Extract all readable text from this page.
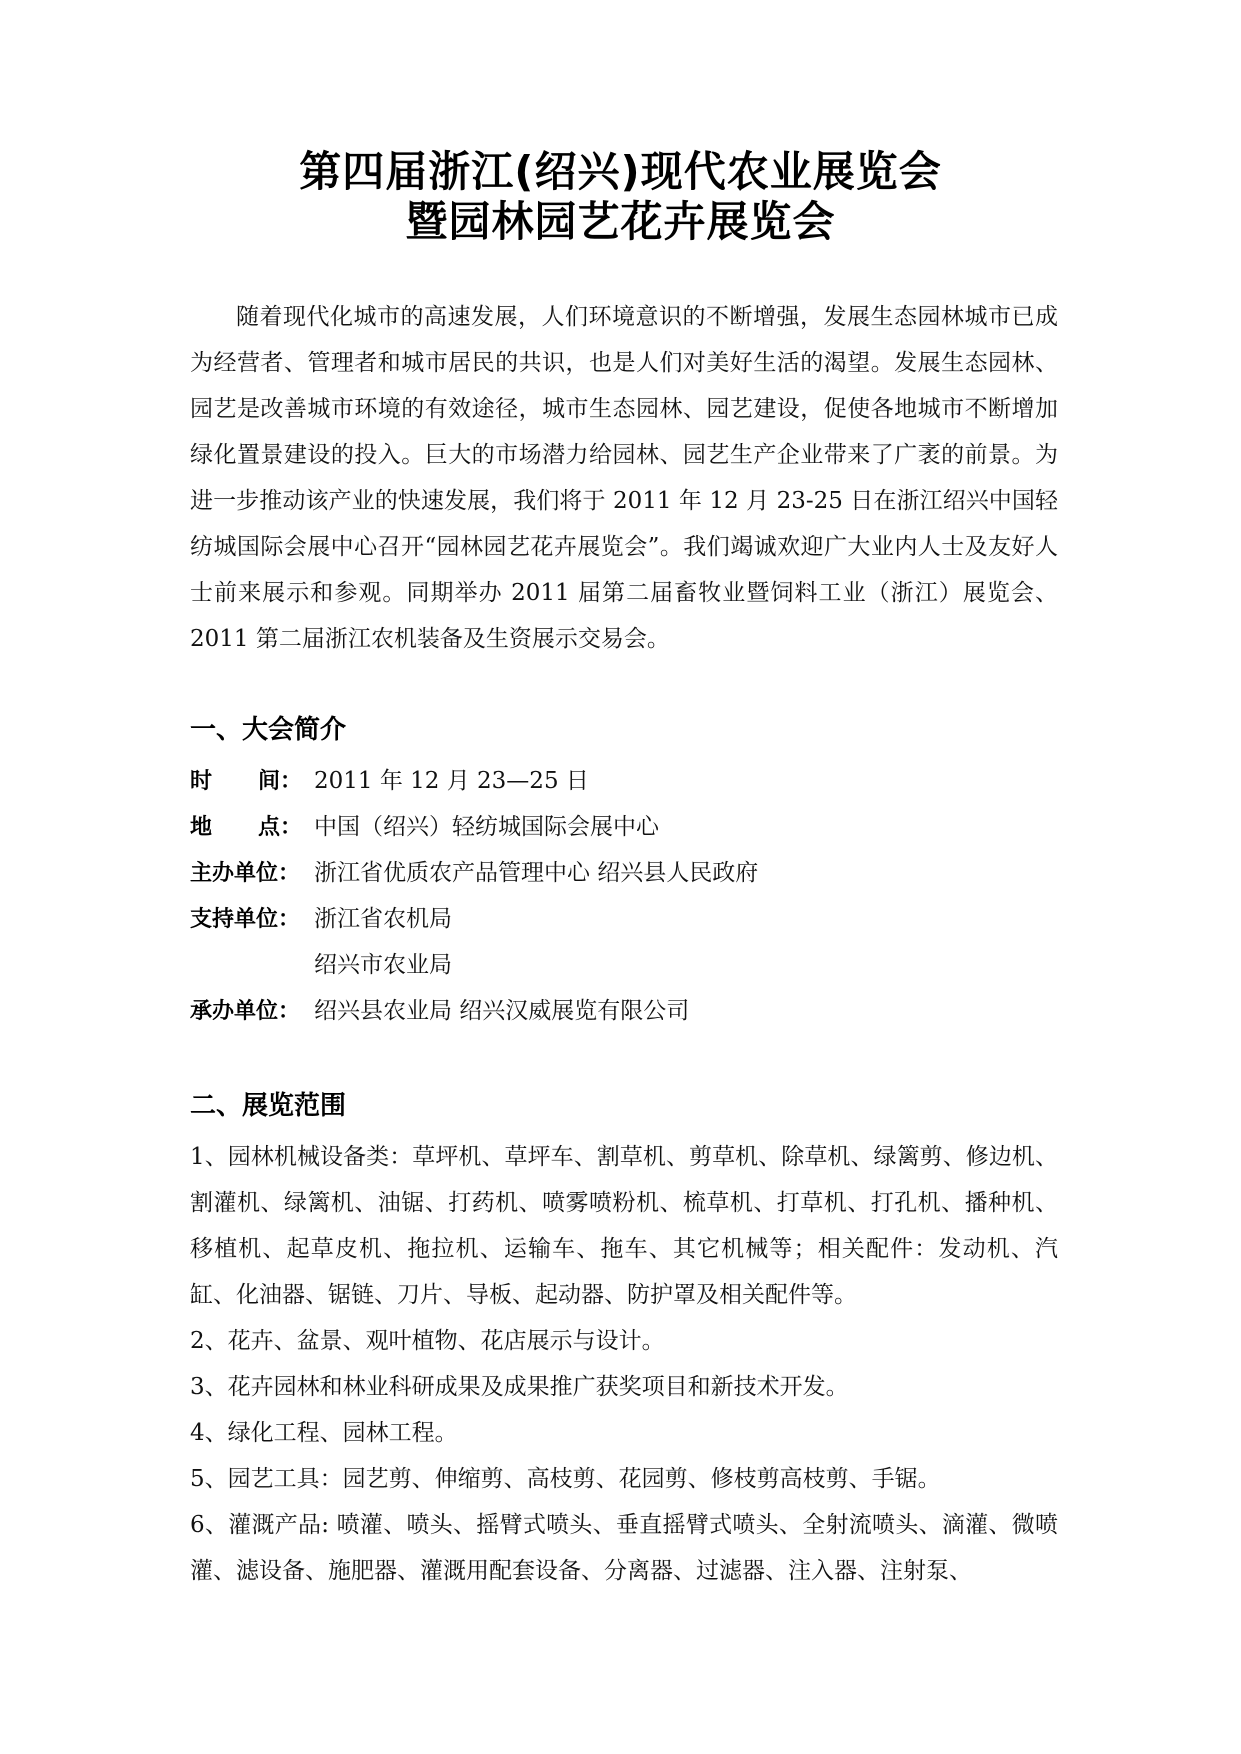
第四届浙江(绍兴)现代农业展览会
暨园林园艺花卉展览会

随着现代化城市的高速发展，人们环境意识的不断增强，发展生态园林城市已成为经营者、管理者和城市居民的共识，也是人们对美好生活的渴望。发展生态园林、园艺是改善城市环境的有效途径，城市生态园林、园艺建设，促使各地城市不断增加绿化置景建设的投入。巨大的市场潜力给园林、园艺生产企业带来了广袤的前景。为进一步推动该产业的快速发展，我们将于 2011 年 12 月 23-25 日在浙江绍兴中国轻纺城国际会展中心召开“园林园艺花卉展览会”。我们竭诚欢迎广大业内人士及友好人士前来展示和参观。同期举办 2011 届第二届畜牧业暨饲料工业（浙江）展览会、2011 第二届浙江农机装备及生资展示交易会。

一、大会简介
时      间： 2011 年 12 月 23—25 日
地      点： 中国（绍兴）轻纺城国际会展中心
主办单位： 浙江省优质农产品管理中心 绍兴县人民政府
支持单位： 浙江省农机局
绍兴市农业局
承办单位： 绍兴县农业局 绍兴汉威展览有限公司
二、展览范围

1、园林机械设备类：草坪机、草坪车、割草机、剪草机、除草机、绿篱剪、修边机、割灌机、绿篱机、油锯、打药机、喷雾喷粉机、梳草机、打草机、打孔机、播种机、移植机、起草皮机、拖拉机、运输车、拖车、其它机械等；相关配件：发动机、汽缸、化油器、锯链、刀片、导板、起动器、防护罩及相关配件等。

2、花卉、盆景、观叶植物、花店展示与设计。

3、花卉园林和林业科研成果及成果推广获奖项目和新技术开发。

4、绿化工程、园林工程。

5、园艺工具：园艺剪、伸缩剪、高枝剪、花园剪、修枝剪高枝剪、手锯。

6、灌溉产品: 喷灌、喷头、摇臂式喷头、垂直摇臂式喷头、全射流喷头、滴灌、微喷灌、滤设备、施肥器、灌溉用配套设备、分离器、过滤器、注入器、注射泵、
